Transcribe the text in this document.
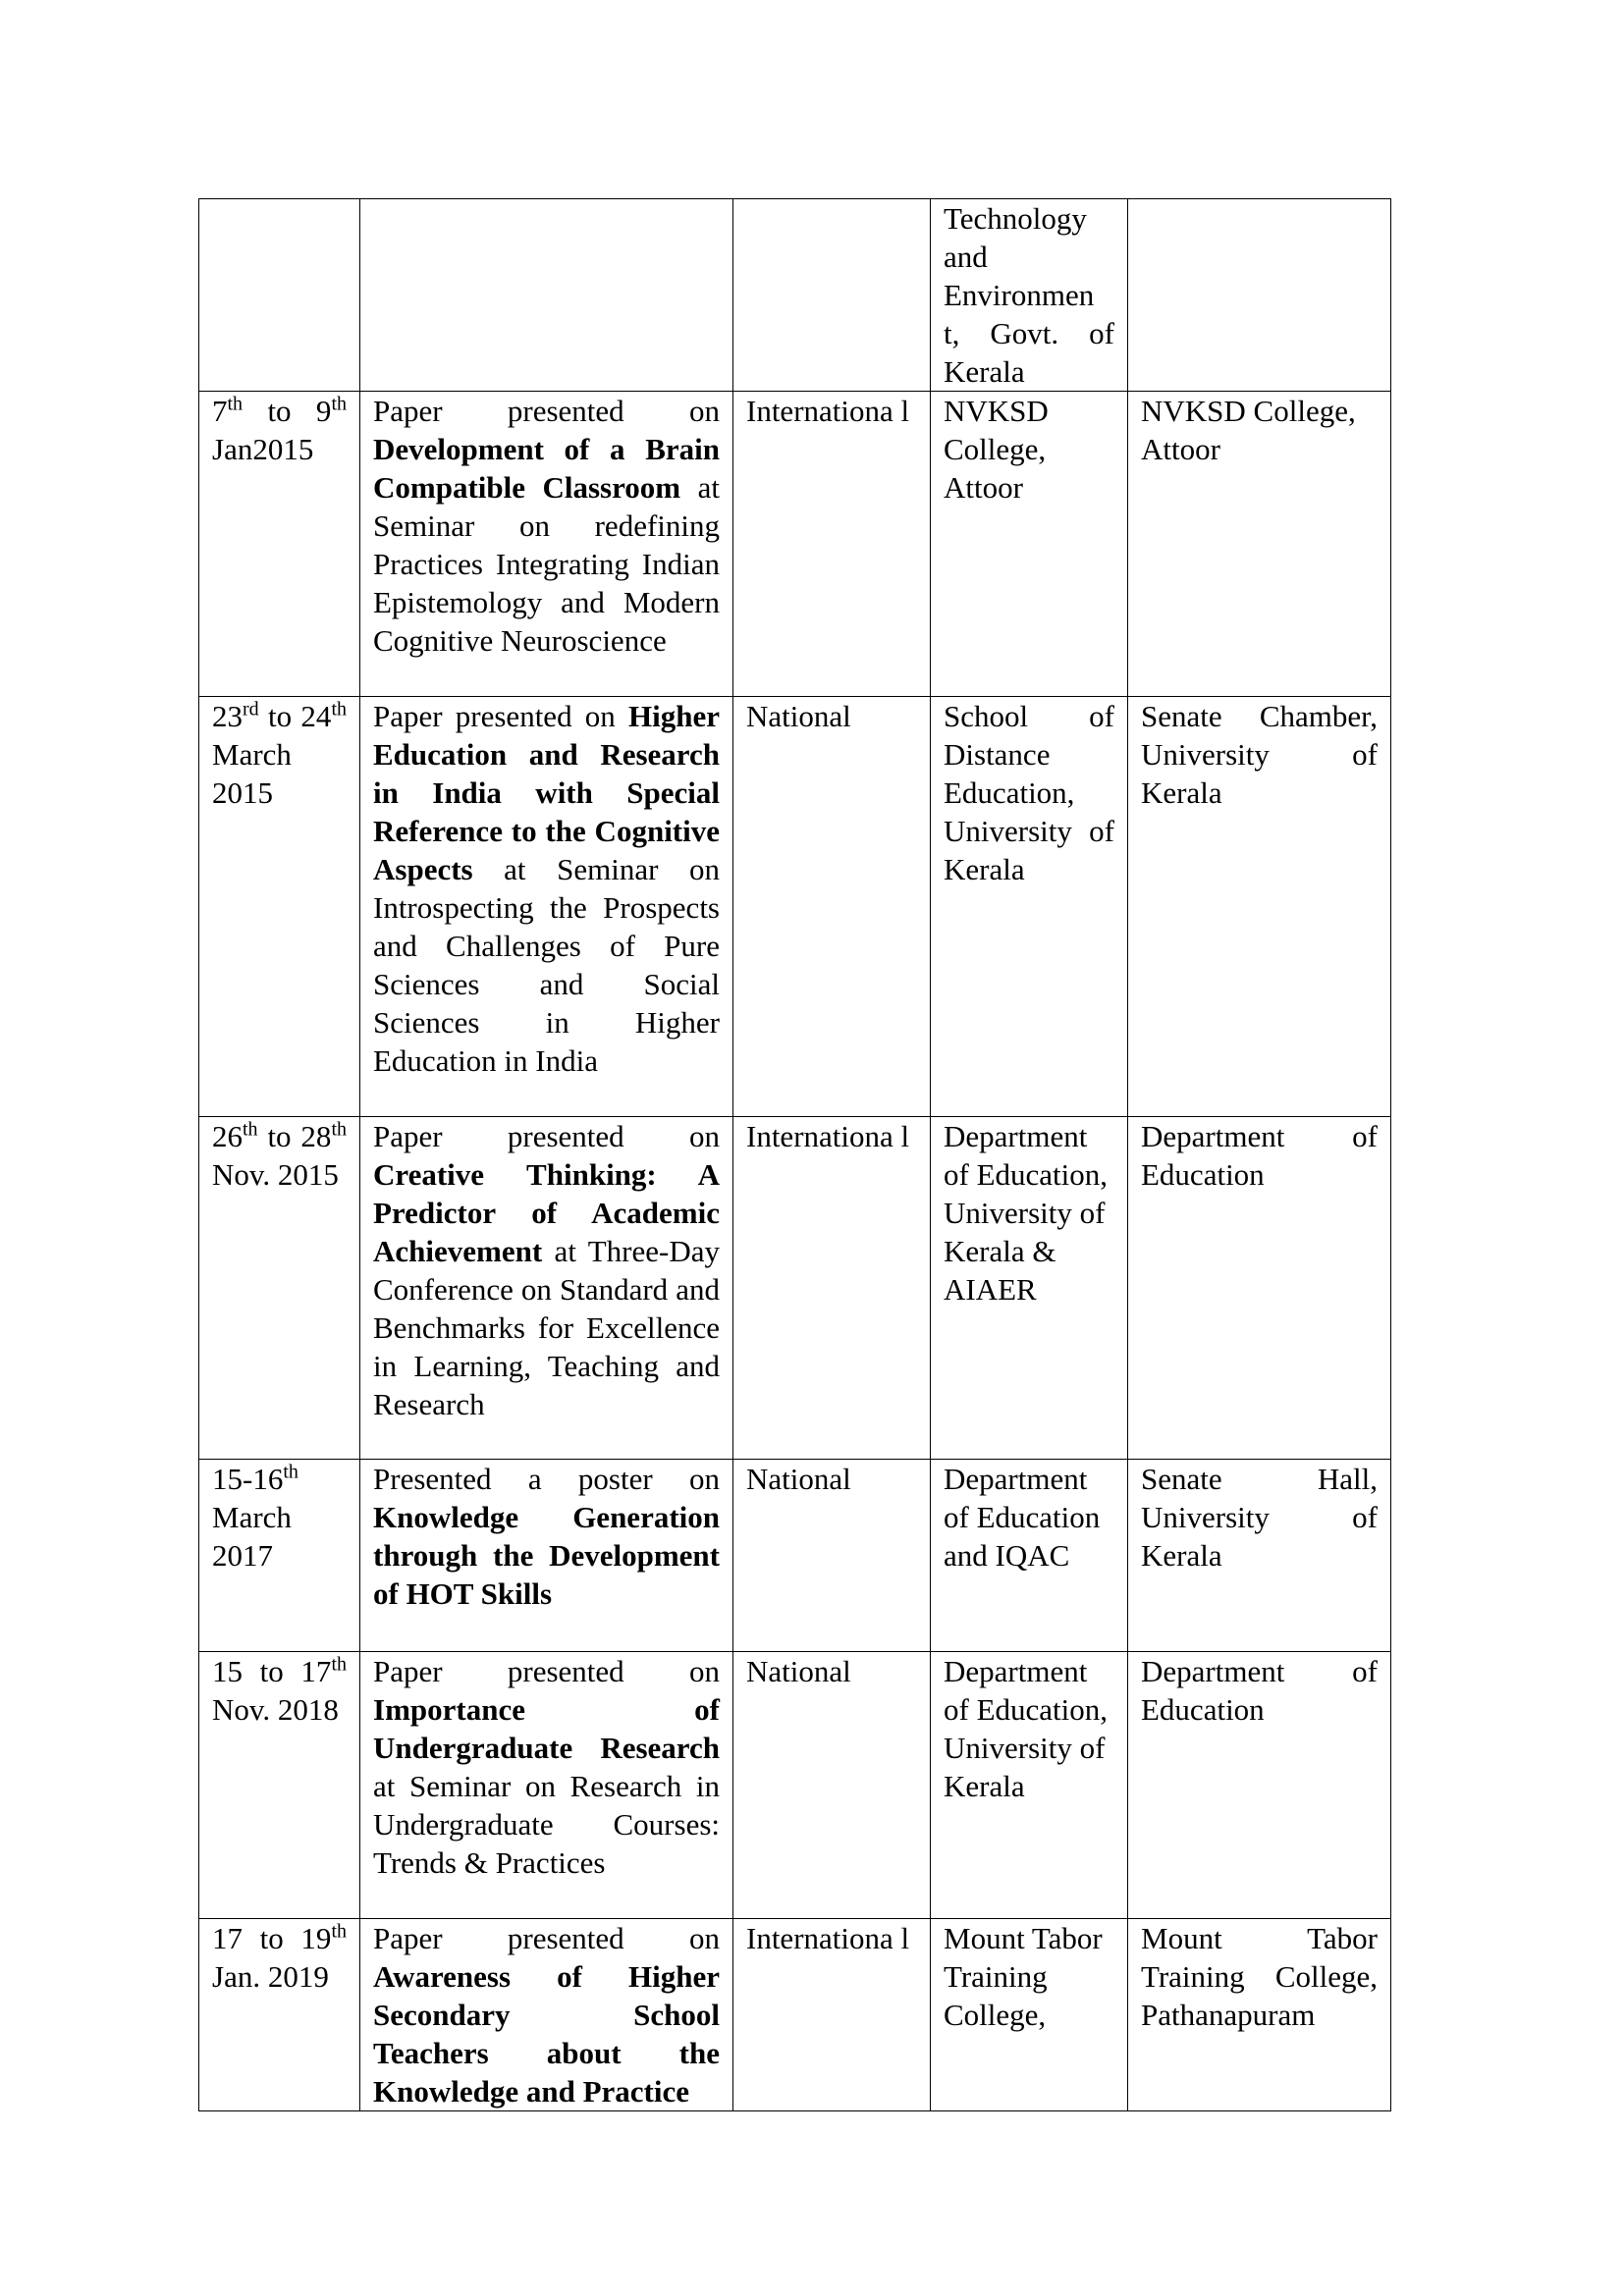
			Technology and Environmen t, Govt. of Kerala	
7th to 9th Jan2015	Paper presented on Development of a Brain Compatible Classroom at Seminar on redefining Practices Integrating Indian Epistemology and Modern Cognitive Neuroscience	Internationa l	NVKSD College, Attoor	NVKSD College, Attoor
23rd to 24th March 2015	Paper presented on Higher Education and Research in India with Special Reference to the Cognitive Aspects at Seminar on Introspecting the Prospects and Challenges of Pure Sciences and Social Sciences in Higher Education in India	National	School of Distance Education, University of Kerala	Senate Chamber, University of Kerala
26th to 28th Nov. 2015	Paper presented on Creative Thinking: A Predictor of Academic Achievement at Three-Day Conference on Standard and Benchmarks for Excellence in Learning, Teaching and Research	Internationa l	Department of Education, University of Kerala & AIAER	Department of Education
15-16th March 2017	Presented a poster on Knowledge Generation through the Development of HOT Skills	National	Department of Education and IQAC	Senate Hall, University of Kerala
15 to 17th Nov. 2018	Paper presented on Importance of Undergraduate Research at Seminar on Research in Undergraduate Courses: Trends & Practices	National	Department of Education, University of Kerala	Department of Education
17 to 19th Jan. 2019	Paper presented on Awareness of Higher Secondary School Teachers about the Knowledge and Practice	Internationa l	Mount Tabor Training College,	Mount Tabor Training College, Pathanapuram
